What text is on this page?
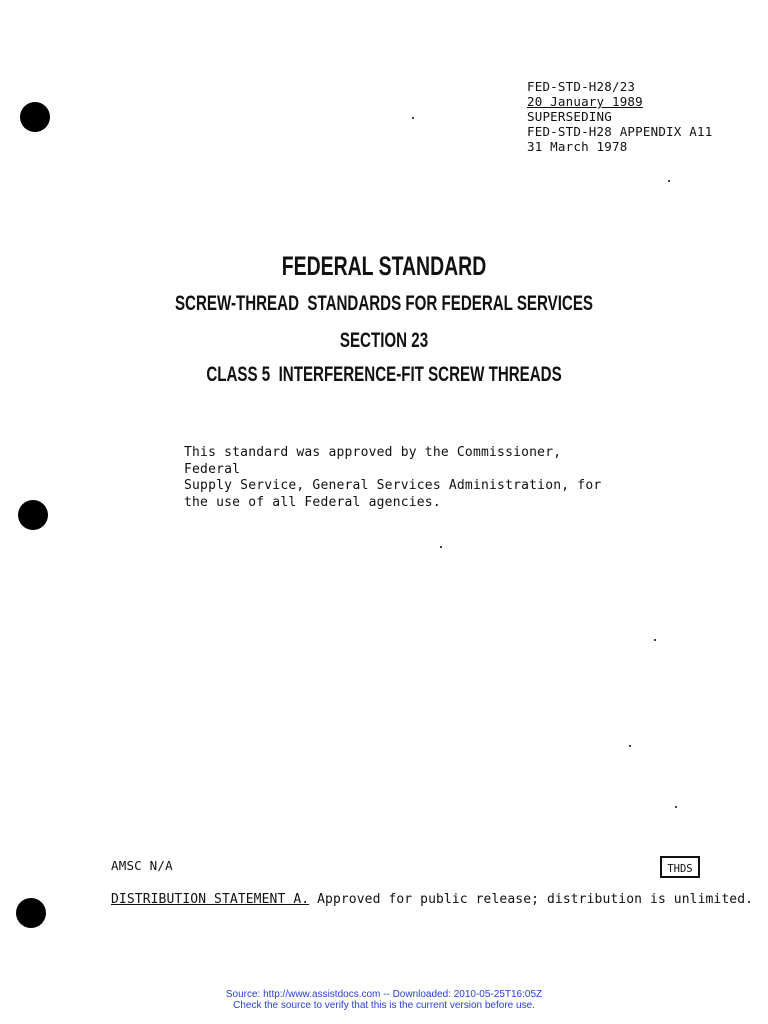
FED-STD-H28/23
20 January 1989
SUPERSEDING
FED-STD-H28 APPENDIX A11
31 March 1978
FEDERAL STANDARD
SCREW-THREAD  STANDARDS FOR FEDERAL SERVICES
SECTION 23
CLASS 5  INTERFERENCE-FIT SCREW THREADS
This standard was approved by the Commissioner, Federal
Supply Service, General Services Administration, for
the use of all Federal agencies.
AMSC N/A	THDS
DISTRIBUTION STATEMENT A. Approved for public release; distribution is unlimited.
Source: http://www.assistdocs.com -- Downloaded: 2010-05-25T16:05Z
Check the source to verify that this is the current version before use.
